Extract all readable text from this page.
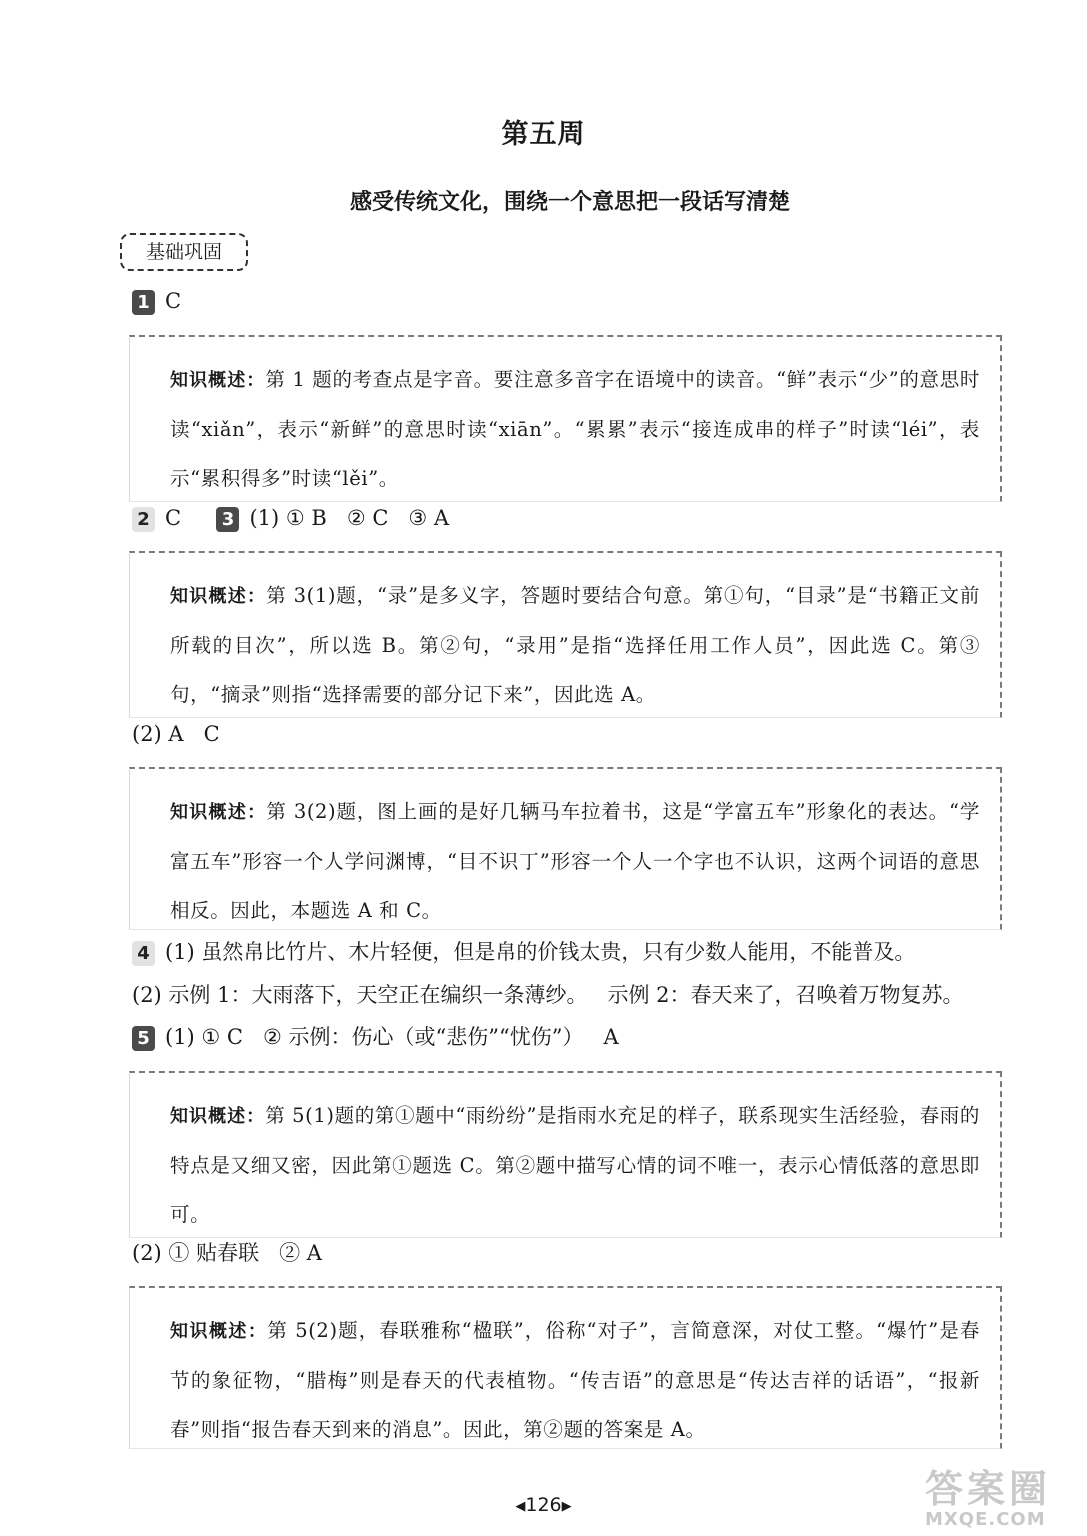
第五周
感受传统文化，围绕一个意思把一段话写清楚
基础巩固
1 C

知识概述：第 1 题的考查点是字音。要注意多音字在语境中的读音。“鲜”表示“少”的意思时读“xiǎn”，表示“新鲜”的意思时读“xiān”。“累累”表示“接连成串的样子”时读“léi”，表示“累积得多”时读“lěi”。

2 C 3 (1) ① B   ② C   ③ A

知识概述：第 3(1)题，“录”是多义字，答题时要结合句意。第①句，“目录”是“书籍正文前所载的目次”，所以选 B。第②句，“录用”是指“选择任用工作人员”，因此选 C。第③句，“摘录”则指“选择需要的部分记下来”，因此选 A。

(2) A   C

知识概述：第 3(2)题，图上画的是好几辆马车拉着书，这是“学富五车”形象化的表达。“学富五车”形容一个人学问渊博，“目不识丁”形容一个人一个字也不认识，这两个词语的意思相反。因此，本题选 A 和 C。

4 (1) 虽然帛比竹片、木片轻便，但是帛的价钱太贵，只有少数人能用，不能普及。
(2) 示例 1：大雨落下，天空正在编织一条薄纱。   示例 2：春天来了，召唤着万物复苏。
5 (1) ① C   ② 示例：伤心（或“悲伤”“忧伤”）   A

知识概述：第 5(1)题的第①题中“雨纷纷”是指雨水充足的样子，联系现实生活经验，春雨的特点是又细又密，因此第①题选 C。第②题中描写心情的词不唯一，表示心情低落的意思即可。

(2) ① 贴春联   ② A

知识概述：第 5(2)题，春联雅称“楹联”，俗称“对子”，言简意深，对仗工整。“爆竹”是春节的象征物，“腊梅”则是春天的代表植物。“传吉语”的意思是“传达吉祥的话语”，“报新春”则指“报告春天到来的消息”。因此，第②题的答案是 A。

◀126▶	答案圈
MXQE.COM
